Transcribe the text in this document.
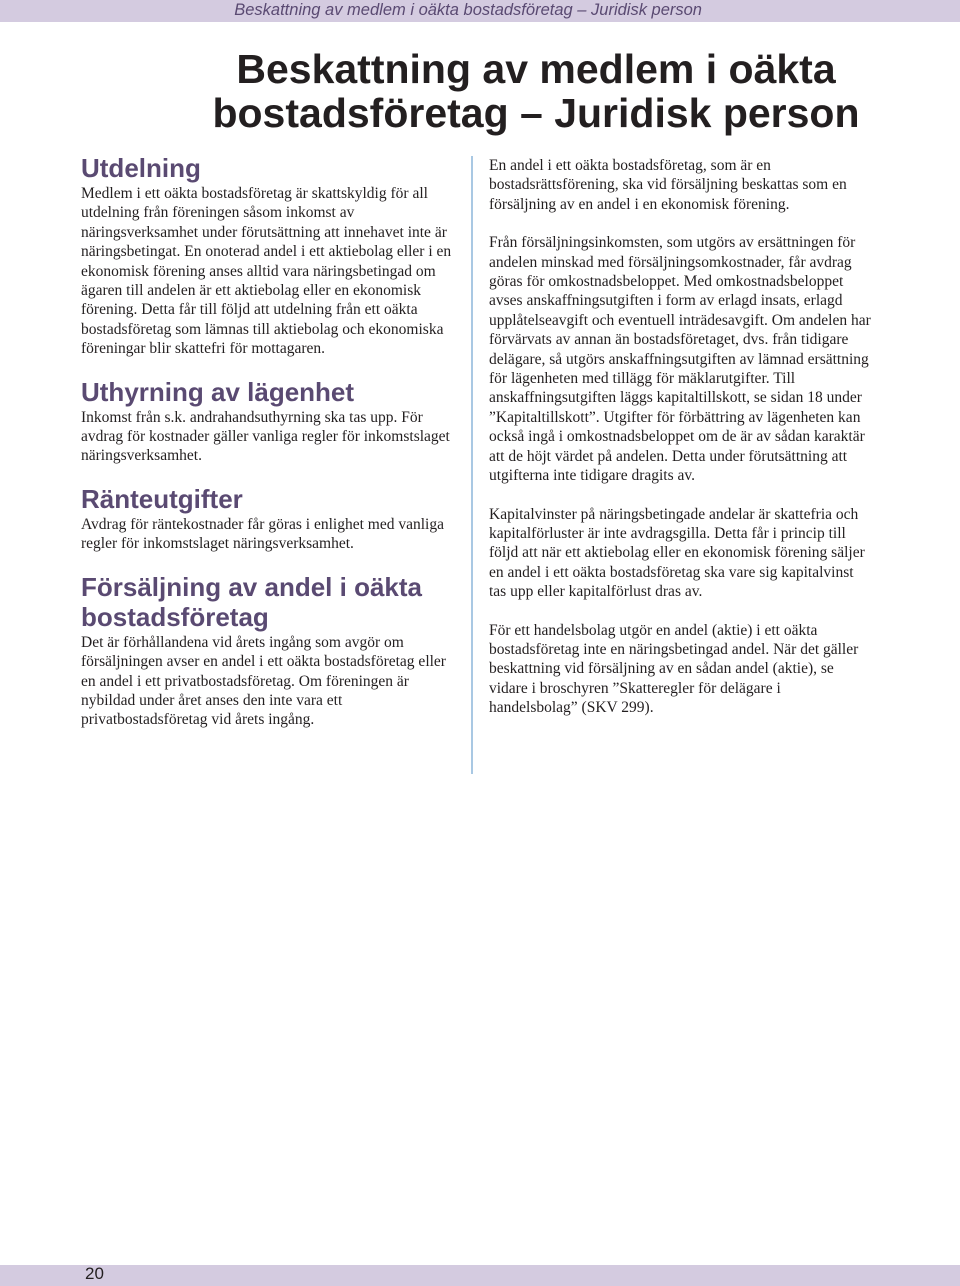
Beskattning av medlem i oäkta bostadsföretag – Juridisk person
Beskattning av medlem i oäkta bostadsföretag – Juridisk person
Utdelning

Medlem i ett oäkta bostadsföretag är skattskyldig för all utdelning från föreningen såsom inkomst av näringsverksamhet under förutsättning att innehavet inte är näringsbetingat. En onoterad andel i ett aktiebolag eller i en ekonomisk förening anses alltid vara näringsbetingad om ägaren till andelen är ett aktiebolag eller en ekonomisk förening. Detta får till följd att utdelning från ett oäkta bostadsföretag som lämnas till aktiebolag och ekonomiska föreningar blir skattefri för mottagaren.

Uthyrning av lägenhet

Inkomst från s.k. andrahandsuthyrning ska tas upp. För avdrag för kostnader gäller vanliga regler för inkomstslaget näringsverksamhet.

Ränteutgifter

Avdrag för räntekostnader får göras i enlighet med vanliga regler för inkomstslaget näringsverksamhet.

Försäljning av andel i oäkta bostadsföretag

Det är förhållandena vid årets ingång som avgör om försäljningen avser en andel i ett oäkta bostadsföretag eller en andel i ett privatbostadsföretag. Om föreningen är nybildad under året anses den inte vara ett privatbostadsföretag vid årets ingång.

En andel i ett oäkta bostadsföretag, som är en bostadsrättsförening, ska vid försäljning beskattas som en försäljning av en andel i en ekonomisk förening.

Från försäljningsinkomsten, som utgörs av ersättningen för andelen minskad med försäljningsomkostnader, får avdrag göras för omkostnadsbeloppet. Med omkostnadsbeloppet avses anskaffningsutgiften i form av erlagd insats, erlagd upplåtelseavgift och eventuell inträdesavgift. Om andelen har förvärvats av annan än bostadsföretaget, dvs. från tidigare delägare, så utgörs anskaffningsutgiften av lämnad ersättning för lägenheten med tillägg för mäklarutgifter. Till anskaffningsutgiften läggs kapitaltillskott, se sidan 18 under ”Kapitaltillskott”. Utgifter för förbättring av lägenheten kan också ingå i omkostnadsbeloppet om de är av sådan karaktär att de höjt värdet på andelen. Detta under förutsättning att utgifterna inte tidigare dragits av.

Kapitalvinster på näringsbetingade andelar är skattefria och kapitalförluster är inte avdragsgilla. Detta får i princip till följd att när ett aktiebolag eller en ekonomisk förening säljer en andel i ett oäkta bostadsföretag ska vare sig kapitalvinst tas upp eller kapitalförlust dras av.

För ett handelsbolag utgör en andel (aktie) i ett oäkta bostadsföretag inte en näringsbetingad andel. När det gäller beskattning vid försäljning av en sådan andel (aktie), se vidare i broschyren ”Skatteregler för delägare i handelsbolag” (SKV 299).

20
